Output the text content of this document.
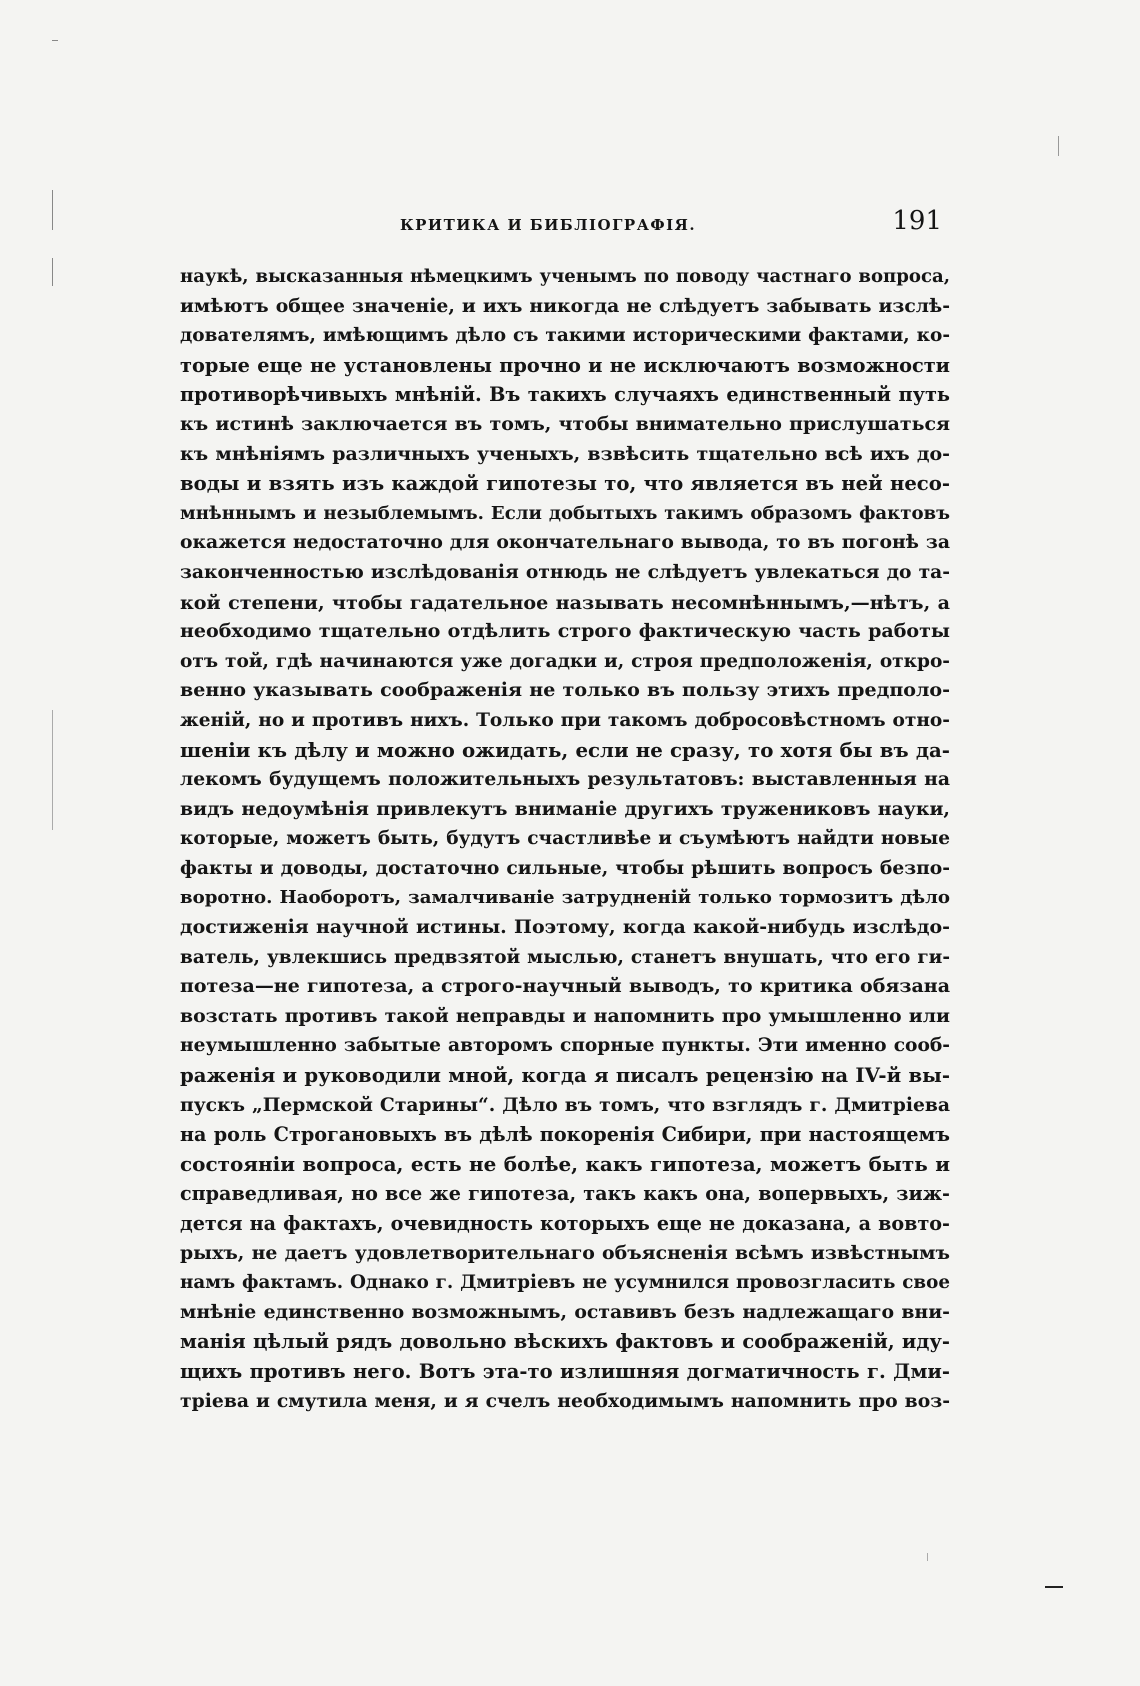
КРИТИКА И БИБЛІОГРАФІЯ.	191
наукѣ, высказанныя нѣмецкимъ ученымъ по поводу частнаго вопроса,
имѣютъ общее значеніе, и ихъ никогда не слѣдуетъ забывать изслѣ-
дователямъ, имѣющимъ дѣло съ такими историческими фактами, ко-
торые еще не установлены прочно и не исключаютъ возможности
противорѣчивыхъ мнѣній. Въ такихъ случаяхъ единственный путь
къ истинѣ заключается въ томъ, чтобы внимательно прислушаться
къ мнѣніямъ различныхъ ученыхъ, взвѣсить тщательно всѣ ихъ до-
воды и взять изъ каждой гипотезы то, что является въ ней несо-
мнѣннымъ и незыблемымъ. Если добытыхъ такимъ образомъ фактовъ
окажется недостаточно для окончательнаго вывода, то въ погонѣ за
законченностью изслѣдованія отнюдь не слѣдуетъ увлекаться до та-
кой степени, чтобы гадательное называть несомнѣннымъ,—нѣтъ, а
необходимо тщательно отдѣлить строго фактическую часть работы
отъ той, гдѣ начинаются уже догадки и, строя предположенія, откро-
венно указывать соображенія не только въ пользу этихъ предполо-
женій, но и противъ нихъ. Только при такомъ добросовѣстномъ отно-
шеніи къ дѣлу и можно ожидать, если не сразу, то хотя бы въ да-
лекомъ будущемъ положительныхъ результатовъ: выставленныя на
видъ недоумѣнія привлекутъ вниманіе другихъ тружениковъ науки,
которые, можетъ быть, будутъ счастливѣе и съумѣютъ найдти новые
факты и доводы, достаточно сильные, чтобы рѣшить вопросъ безпо-
воротно. Наоборотъ, замалчиваніе затрудненій только тормозитъ дѣло
достиженія научной истины. Поэтому, когда какой-нибудь изслѣдо-
ватель, увлекшись предвзятой мыслью, станетъ внушать, что его ги-
потеза—не гипотеза, а строго-научный выводъ, то критика обязана
возстать противъ такой неправды и напомнить про умышленно или
неумышленно забытые авторомъ спорные пункты. Эти именно сооб-
раженія и руководили мной, когда я писалъ рецензію на IV-й вы-
пускъ „Пермской Старины“. Дѣло въ томъ, что взглядъ г. Дмитріева
на роль Строгановыхъ въ дѣлѣ покоренія Сибири, при настоящемъ
состояніи вопроса, есть не болѣе, какъ гипотеза, можетъ быть и
справедливая, но все же гипотеза, такъ какъ она, вопервыхъ, зиж-
дется на фактахъ, очевидность которыхъ еще не доказана, а вовто-
рыхъ, не даетъ удовлетворительнаго объясненія всѣмъ извѣстнымъ
намъ фактамъ. Однако г. Дмитріевъ не усумнился провозгласить свое
мнѣніе единственно возможнымъ, оставивъ безъ надлежащаго вни-
манія цѣлый рядъ довольно вѣскихъ фактовъ и соображеній, иду-
щихъ противъ него. Вотъ эта-то излишняя догматичность г. Дми-
тріева и смутила меня, и я счелъ необходимымъ напомнить про воз-
